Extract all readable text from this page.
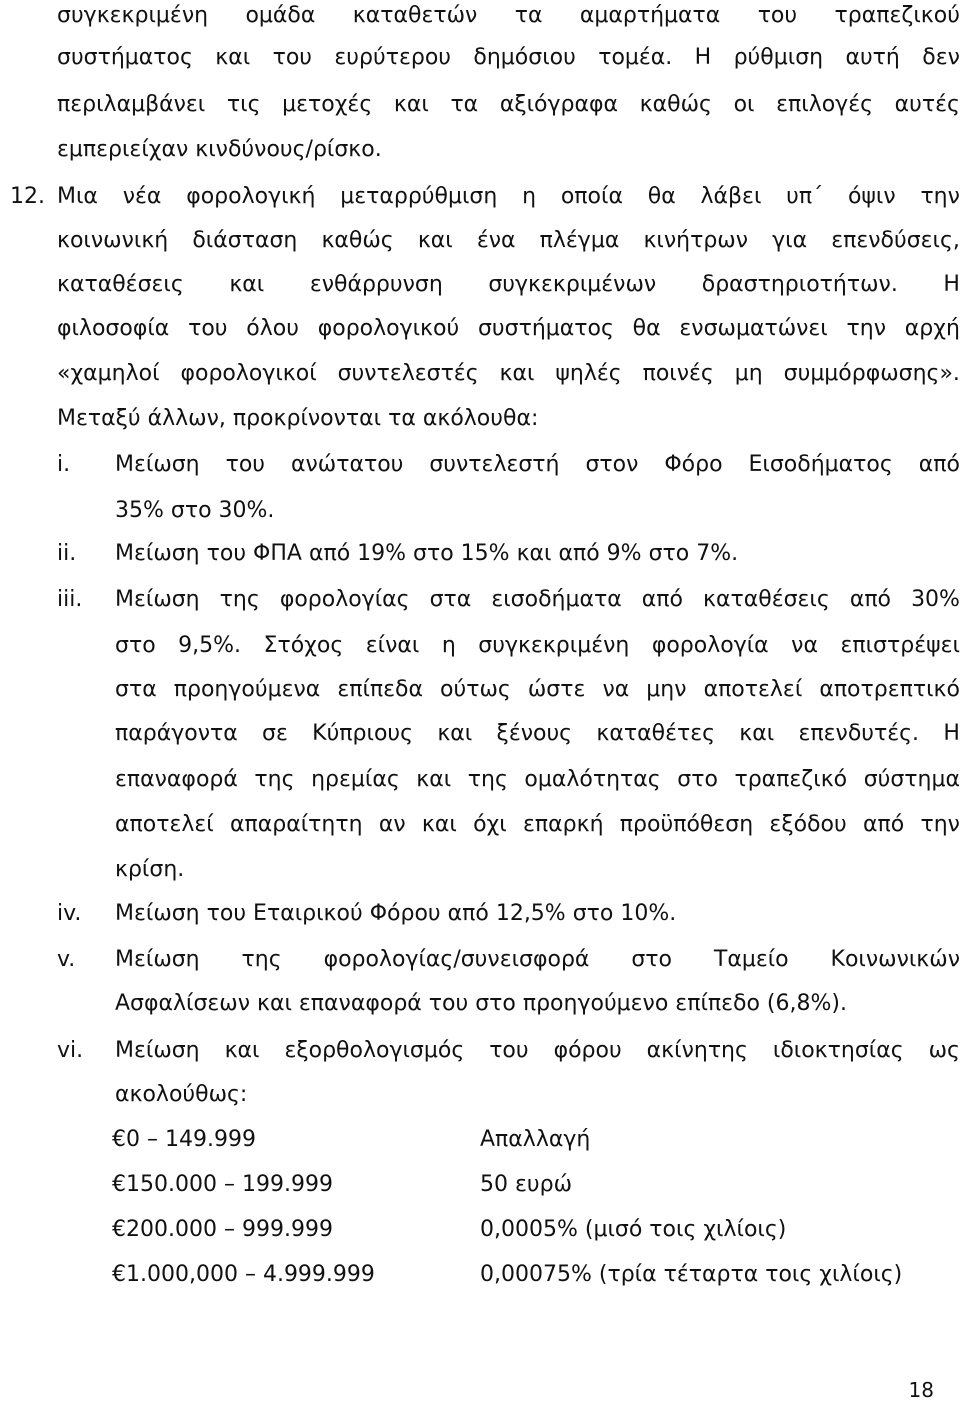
συγκεκριμένη ομάδα καταθετών τα αμαρτήματα του τραπεζικού
συστήματος και του ευρύτερου δημόσιου τομέα. Η ρύθμιση αυτή δεν
περιλαμβάνει τις μετοχές και τα αξιόγραφα καθώς οι επιλογές αυτές
εμπεριείχαν κινδύνους/ρίσκο.
12. Μια νέα φορολογική μεταρρύθμιση η οποία θα λάβει υπ΄ όψιν την
κοινωνική διάσταση καθώς και ένα πλέγμα κινήτρων για επενδύσεις,
καταθέσεις και ενθάρρυνση συγκεκριμένων δραστηριοτήτων. Η
φιλοσοφία του όλου φορολογικού συστήματος θα ενσωματώνει την αρχή
«χαμηλοί φορολογικοί συντελεστές και ψηλές ποινές μη συμμόρφωσης».
Μεταξύ άλλων, προκρίνονται τα ακόλουθα:
i. Μείωση του ανώτατου συντελεστή στον Φόρο Εισοδήματος από
35% στο 30%.
ii. Μείωση του ΦΠΑ από 19% στο 15% και από 9% στο 7%.
iii. Μείωση της φορολογίας στα εισοδήματα από καταθέσεις από 30%
στο 9,5%. Στόχος είναι η συγκεκριμένη φορολογία να επιστρέψει
στα προηγούμενα επίπεδα ούτως ώστε να μην αποτελεί αποτρεπτικό
παράγοντα σε Κύπριους και ξένους καταθέτες και επενδυτές. Η
επαναφορά της ηρεμίας και της ομαλότητας στο τραπεζικό σύστημα
αποτελεί απαραίτητη αν και όχι επαρκή προϋπόθεση εξόδου από την
κρίση.
iv. Μείωση του Εταιρικού Φόρου από 12,5% στο 10%.
v. Μείωση της φορολογίας/συνεισφορά στο Ταμείο Κοινωνικών
Ασφαλίσεων και επαναφορά του στο προηγούμενο επίπεδο (6,8%).
vi. Μείωση και εξορθολογισμός του φόρου ακίνητης ιδιοκτησίας ως
ακολούθως:
€0 – 149.999	Απαλλαγή
€150.000 – 199.999	50 ευρώ
€200.000 – 999.999	0,0005% (μισό τοις χιλίοις)
€1.000,000 – 4.999.999	0,00075% (τρία τέταρτα τοις χιλίοις)
18
